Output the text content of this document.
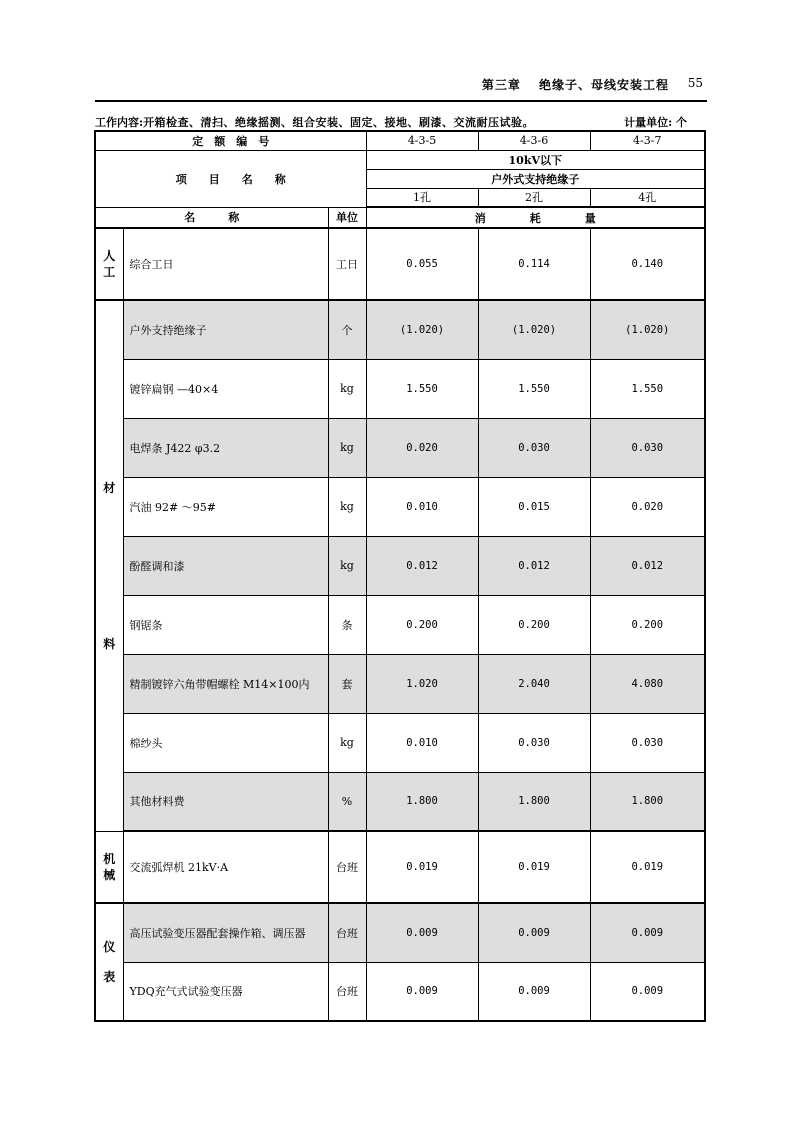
第三章　 绝缘子、母线安装工程 55
工作内容:开箱检查、清扫、绝缘摇测、组合安装、固定、接地、刷漆、交流耐压试验。	计量单位: 个
定　额　编　号			4-3-5	4-3-6	4-3-7
项　　目　　名　　称			10kV以下		
			户外式支持绝缘子		
			1孔	2孔	4孔
名　　　称		单位	消　　　　耗　　　　量		

人
工	综合工日	工日	0.055	0.114	0.140

材
料	户外支持绝缘子	个	(1.020)	(1.020)	(1.020)
	镀锌扁钢 —40×4	kg	1.550	1.550	1.550
	电焊条 J422 φ3.2	kg	0.020	0.030	0.030
	汽油 92# ～95#	kg	0.010	0.015	0.020
	酚醛调和漆	kg	0.012	0.012	0.012
	钢锯条	条	0.200	0.200	0.200
	精制镀锌六角带帽螺栓 M14×100内	套	1.020	2.040	4.080
	棉纱头	kg	0.010	0.030	0.030
	其他材料费	%	1.800	1.800	1.800

机
械	交流弧焊机 21kV·A	台班	0.019	0.019	0.019

仪
表	高压试验变压器配套操作箱、调压器	台班	0.009	0.009	0.009
	YDQ充气式试验变压器	台班	0.009	0.009	0.009
